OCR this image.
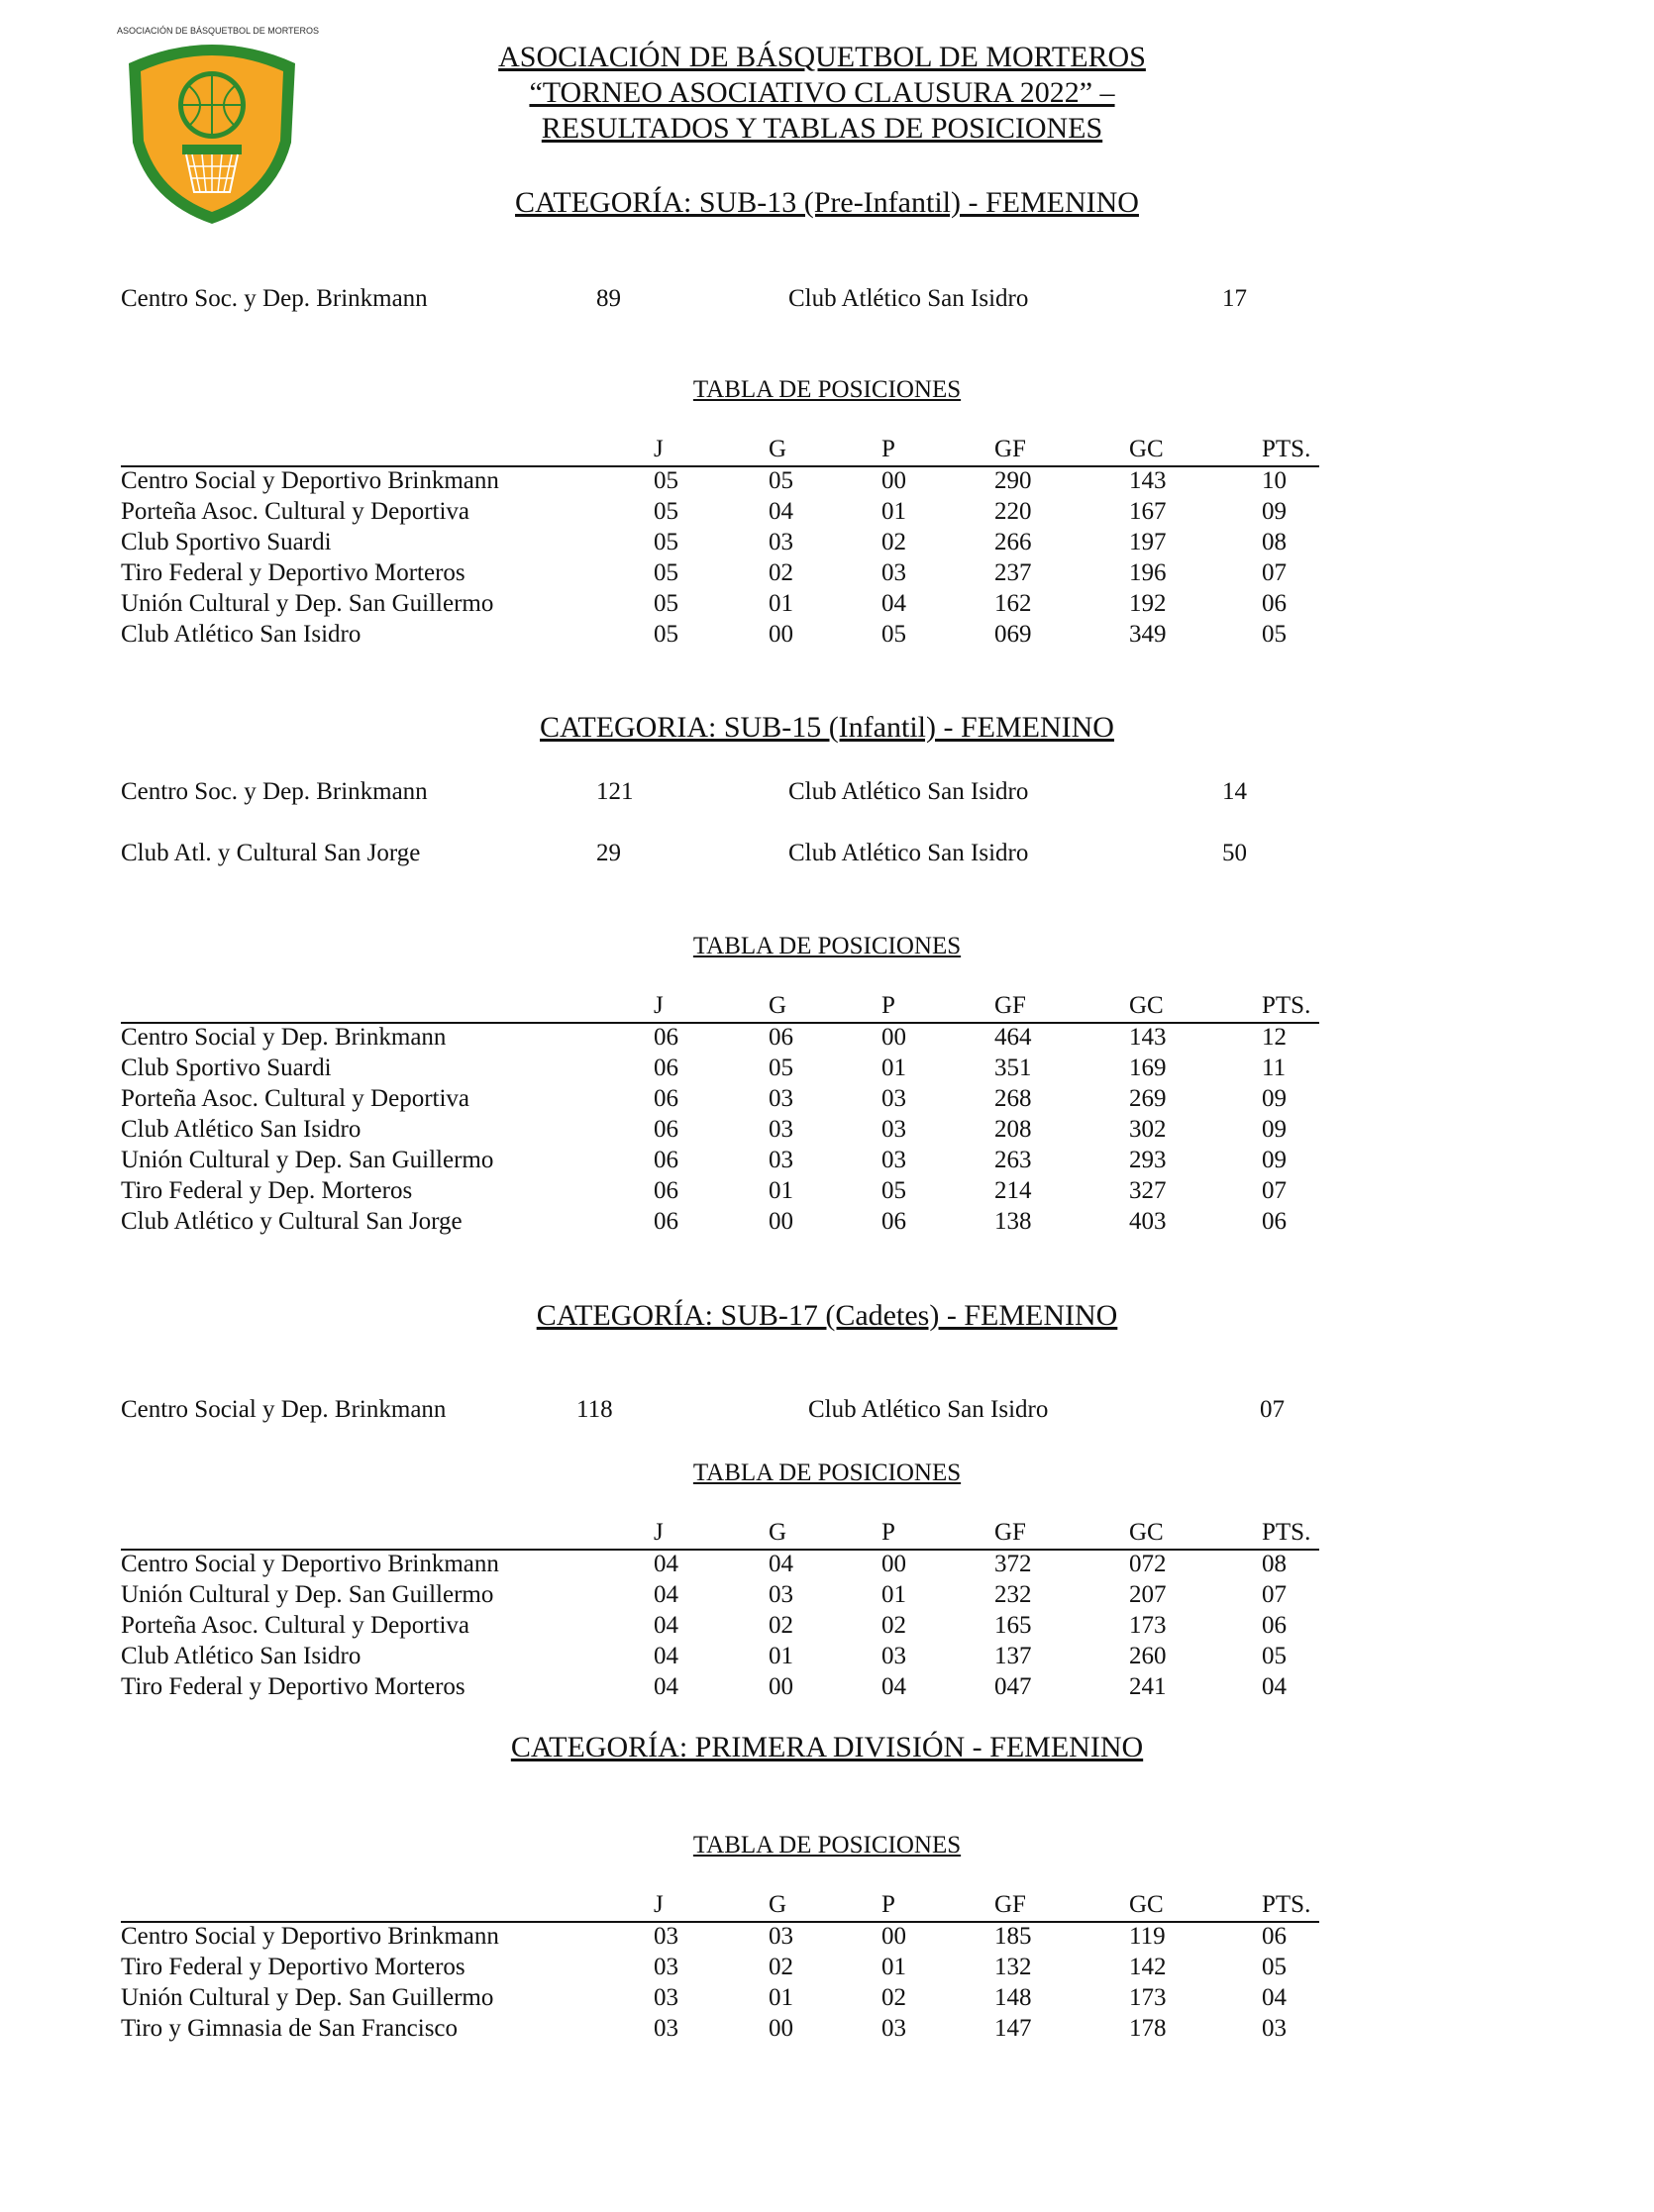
ASOCIACIÓN DE BÁSQUETBOL DE MORTEROS
ASOCIACIÓN DE BÁSQUETBOL DE MORTEROS
“TORNEO ASOCIATIVO CLAUSURA 2022” –
RESULTADOS Y TABLAS DE POSICIONES
CATEGORÍA: SUB-13 (Pre-Infantil) - FEMENINO
Centro Soc. y Dep. Brinkmann	89	Club Atlético San Isidro	17
TABLA DE POSICIONES
J	G	P	GF	GC	PTS.
Centro Social y Deportivo Brinkmann	05	05	00	290	143	10
Porteña Asoc. Cultural y Deportiva	05	04	01	220	167	09
Club Sportivo Suardi	05	03	02	266	197	08
Tiro Federal y Deportivo Morteros	05	02	03	237	196	07
Unión Cultural y Dep. San Guillermo	05	01	04	162	192	06
Club Atlético San Isidro	05	00	05	069	349	05
CATEGORIA: SUB-15 (Infantil) - FEMENINO
Centro Soc. y Dep. Brinkmann	121	Club Atlético San Isidro	14
Club Atl. y Cultural San Jorge	29	Club Atlético San Isidro	50
TABLA DE POSICIONES
J	G	P	GF	GC	PTS.
Centro Social y Dep. Brinkmann	06	06	00	464	143	12
Club Sportivo Suardi	06	05	01	351	169	11
Porteña Asoc. Cultural y Deportiva	06	03	03	268	269	09
Club Atlético San Isidro	06	03	03	208	302	09
Unión Cultural y Dep. San Guillermo	06	03	03	263	293	09
Tiro Federal y Dep. Morteros	06	01	05	214	327	07
Club Atlético y Cultural San Jorge	06	00	06	138	403	06
CATEGORÍA: SUB-17 (Cadetes) - FEMENINO
Centro Social y Dep. Brinkmann	118	Club Atlético San Isidro	07
TABLA DE POSICIONES
J	G	P	GF	GC	PTS.
Centro Social y Deportivo Brinkmann	04	04	00	372	072	08
Unión Cultural y Dep. San Guillermo	04	03	01	232	207	07
Porteña Asoc. Cultural y Deportiva	04	02	02	165	173	06
Club Atlético San Isidro	04	01	03	137	260	05
Tiro Federal y Deportivo Morteros	04	00	04	047	241	04
CATEGORÍA: PRIMERA DIVISIÓN - FEMENINO
TABLA DE POSICIONES
J	G	P	GF	GC	PTS.
Centro Social y Deportivo Brinkmann	03	03	00	185	119	06
Tiro Federal y Deportivo Morteros	03	02	01	132	142	05
Unión Cultural y Dep. San Guillermo	03	01	02	148	173	04
Tiro y Gimnasia de San Francisco	03	00	03	147	178	03
